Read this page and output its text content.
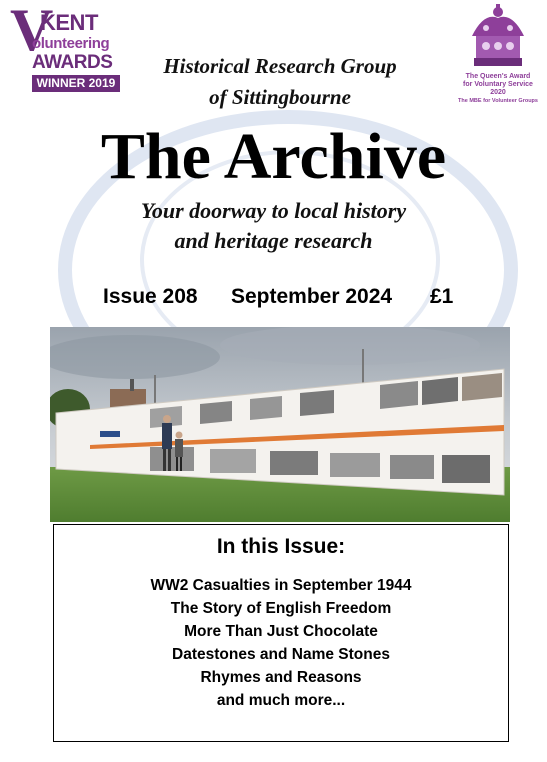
V
KENT
olunteering
AWARDS
WINNER 2019	The Queen's Award
for Voluntary Service
2020
The MBE for Volunteer Groups
Historical Research Group
of Sittingbourne
The Archive
Your doorway to local history
and heritage research
Issue 208 September 2024 £1
In this Issue:
WW2 Casualties in September 1944
The Story of English Freedom
More Than Just Chocolate
Datestones and Name Stones
Rhymes and Reasons
and much more...
